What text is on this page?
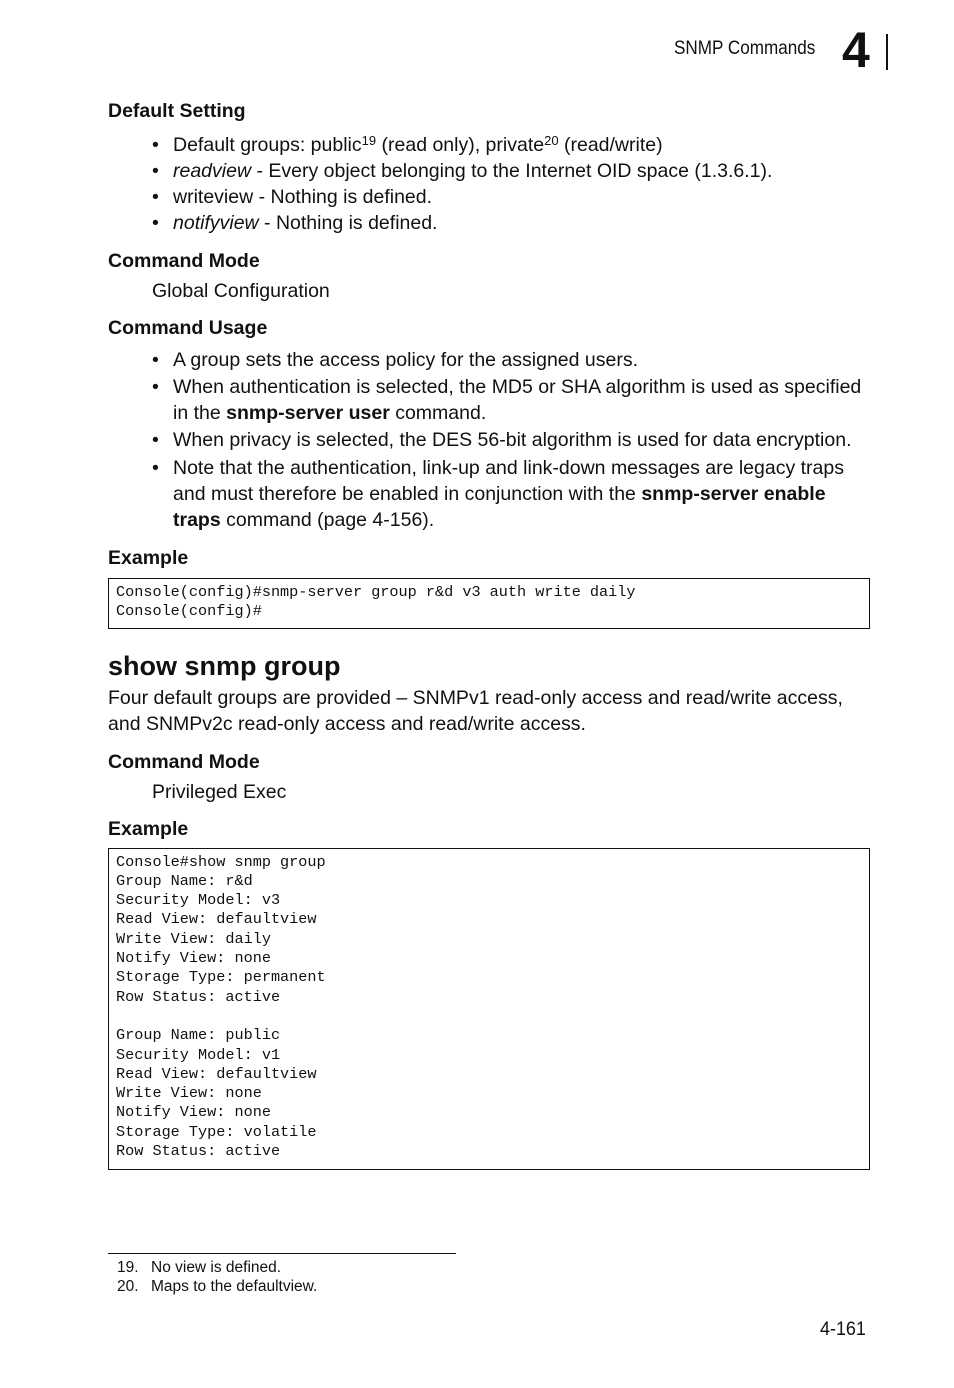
SNMP Commands 4

Default Setting

• Default groups: public$^{19}$ (read only), private$^{20}$ (read/write)
• readview - Every object belonging to the Internet OID space (1.3.6.1).
• writeview - Nothing is defined.
• notifyview - Nothing is defined.

Command Mode

Global Configuration

Command Usage

• A group sets the access policy for the assigned users.
• When authentication is selected, the MD5 or SHA algorithm is used as specified in the snmp-server user command.
• When privacy is selected, the DES 56-bit algorithm is used for data encryption.
• Note that the authentication, link-up and link-down messages are legacy traps and must therefore be enabled in conjunction with the snmp-server enable traps command (page 4-156).

Example

Console(config)#snmp-server group r&d v3 auth write daily
Console(config)#

show snmp group

Four default groups are provided – SNMPv1 read-only access and read/write access, and SNMPv2c read-only access and read/write access.

Command Mode

Privileged Exec

Example

Console#show snmp group
Group Name: r&d
Security Model: v3
Read View: defaultview
Write View: daily
Notify View: none
Storage Type: permanent
Row Status: active

Group Name: public
Security Model: v1
Read View: defaultview
Write View: none
Notify View: none
Storage Type: volatile
Row Status: active

19. No view is defined.
20. Maps to the defaultview.
4-161
